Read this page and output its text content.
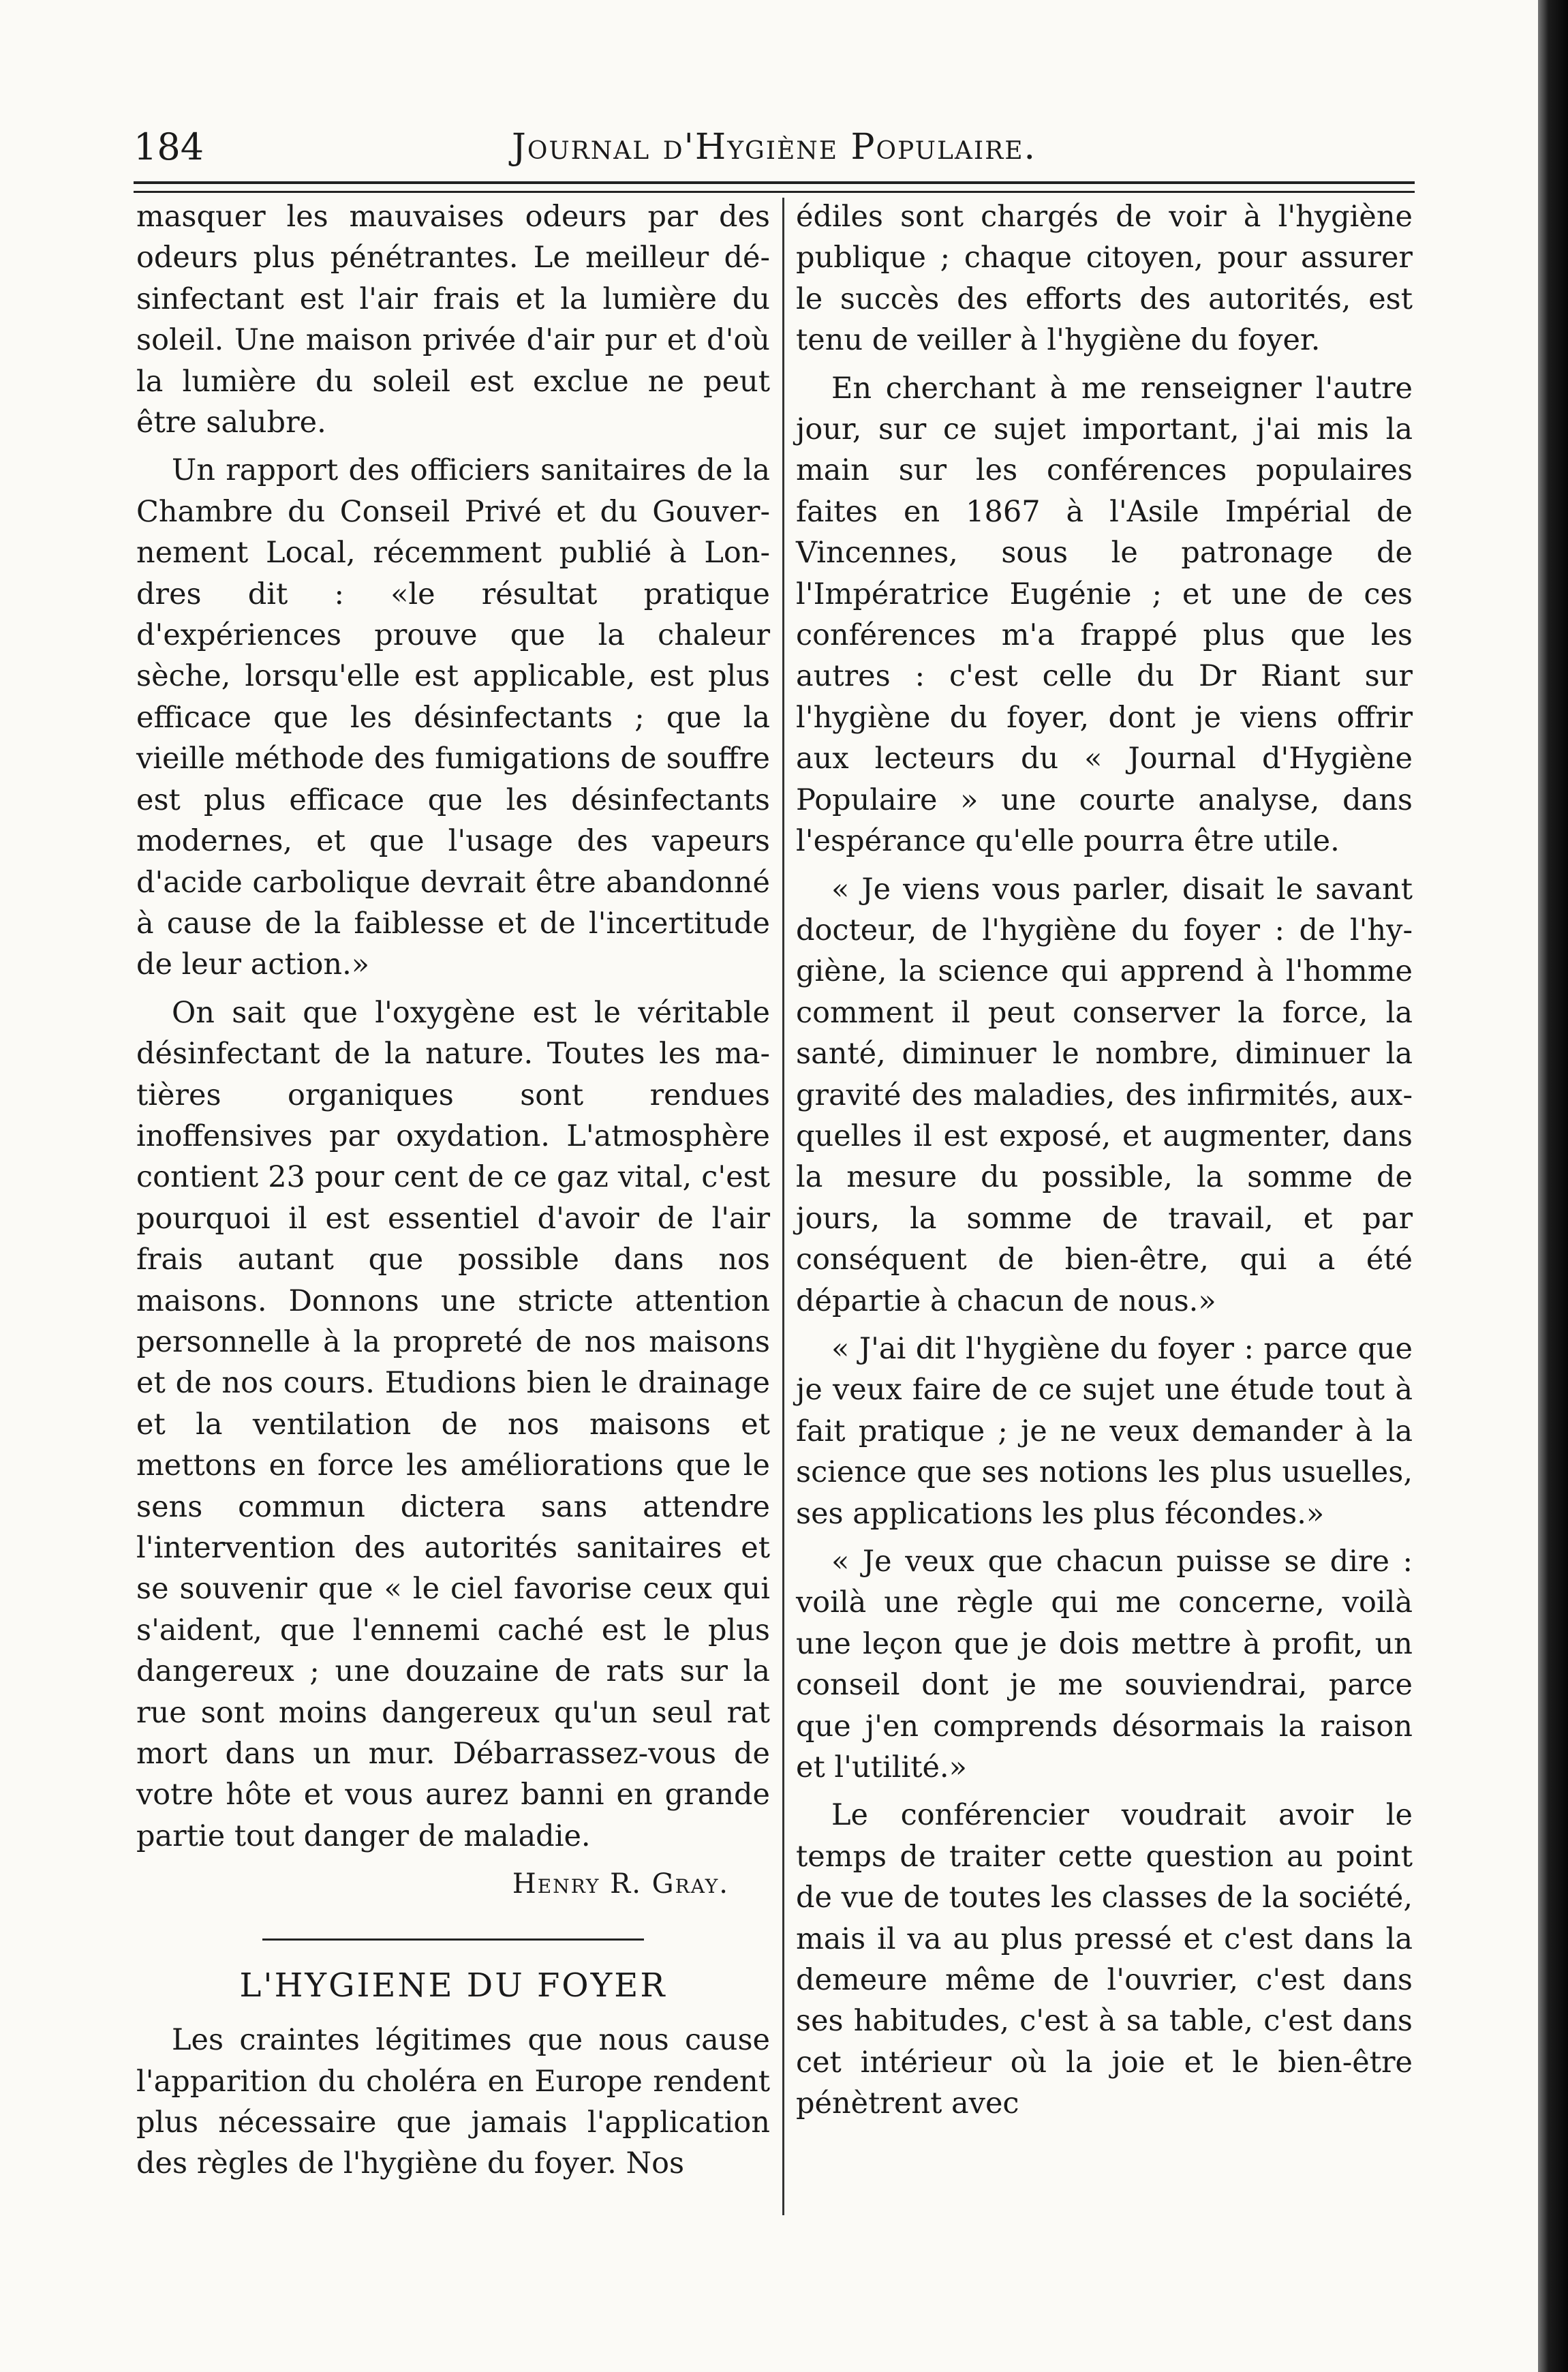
184	Journal d'Hygiène Populaire.

masquer les mauvaises odeurs par des odeurs plus pénétrantes. Le meilleur désinfectant est l'air frais et la lumière du soleil. Une maison privée d'air pur et d'où la lumière du soleil est exclue ne peut être salubre.

Un rapport des officiers sanitaires de la Chambre du Conseil Privé et du Gouvernement Local, récemment publié à Londres dit : «le résultat pratique d'expériences prouve que la chaleur sèche, lorsqu'elle est applicable, est plus efficace que les désinfectants ; que la vieille méthode des fumigations de souffre est plus efficace que les désinfectants modernes, et que l'usage des vapeurs d'acide carbolique devrait être abandonné à cause de la faiblesse et de l'incertitude de leur action.»

On sait que l'oxygène est le véritable désinfectant de la nature. Toutes les matières organiques sont rendues inoffensives par oxydation. L'atmosphère contient 23 pour cent de ce gaz vital, c'est pourquoi il est essentiel d'avoir de l'air frais autant que possible dans nos maisons. Donnons une stricte attention personnelle à la propreté de nos maisons et de nos cours. Etudions bien le drainage et la ventilation de nos maisons et mettons en force les améliorations que le sens commun dictera sans attendre l'intervention des autorités sanitaires et se souvenir que « le ciel favorise ceux qui s'aident, que l'ennemi caché est le plus dangereux ; une douzaine de rats sur la rue sont moins dangereux qu'un seul rat mort dans un mur. Débarrassez-vous de votre hôte et vous aurez banni en grande partie tout danger de maladie.

Henry R. Gray.

L'HYGIENE DU FOYER

Les craintes légitimes que nous cause l'apparition du choléra en Europe rendent plus nécessaire que jamais l'application des règles de l'hygiène du foyer. Nos

édiles sont chargés de voir à l'hygiène publique ; chaque citoyen, pour assurer le succès des efforts des autorités, est tenu de veiller à l'hygiène du foyer.

En cherchant à me renseigner l'autre jour, sur ce sujet important, j'ai mis la main sur les conférences populaires faites en 1867 à l'Asile Impérial de Vincennes, sous le patronage de l'Impératrice Eugénie ; et une de ces conférences m'a frappé plus que les autres : c'est celle du Dr Riant sur l'hygiène du foyer, dont je viens offrir aux lecteurs du « Journal d'Hygiène Populaire » une courte analyse, dans l'espérance qu'elle pourra être utile.

« Je viens vous parler, disait le savant docteur, de l'hygiène du foyer : de l'hygiène, la science qui apprend à l'homme comment il peut conserver la force, la santé, diminuer le nombre, diminuer la gravité des maladies, des infirmités, auxquelles il est exposé, et augmenter, dans la mesure du possible, la somme de jours, la somme de travail, et par conséquent de bien-être, qui a été départie à chacun de nous.»

« J'ai dit l'hygiène du foyer : parce que je veux faire de ce sujet une étude tout à fait pratique ; je ne veux demander à la science que ses notions les plus usuelles, ses applications les plus fécondes.»

« Je veux que chacun puisse se dire : voilà une règle qui me concerne, voilà une leçon que je dois mettre à profit, un conseil dont je me souviendrai, parce que j'en comprends désormais la raison et l'utilité.»

Le conférencier voudrait avoir le temps de traiter cette question au point de vue de toutes les classes de la société, mais il va au plus pressé et c'est dans la demeure même de l'ouvrier, c'est dans ses habitudes, c'est à sa table, c'est dans cet intérieur où la joie et le bien-être pénètrent avec
